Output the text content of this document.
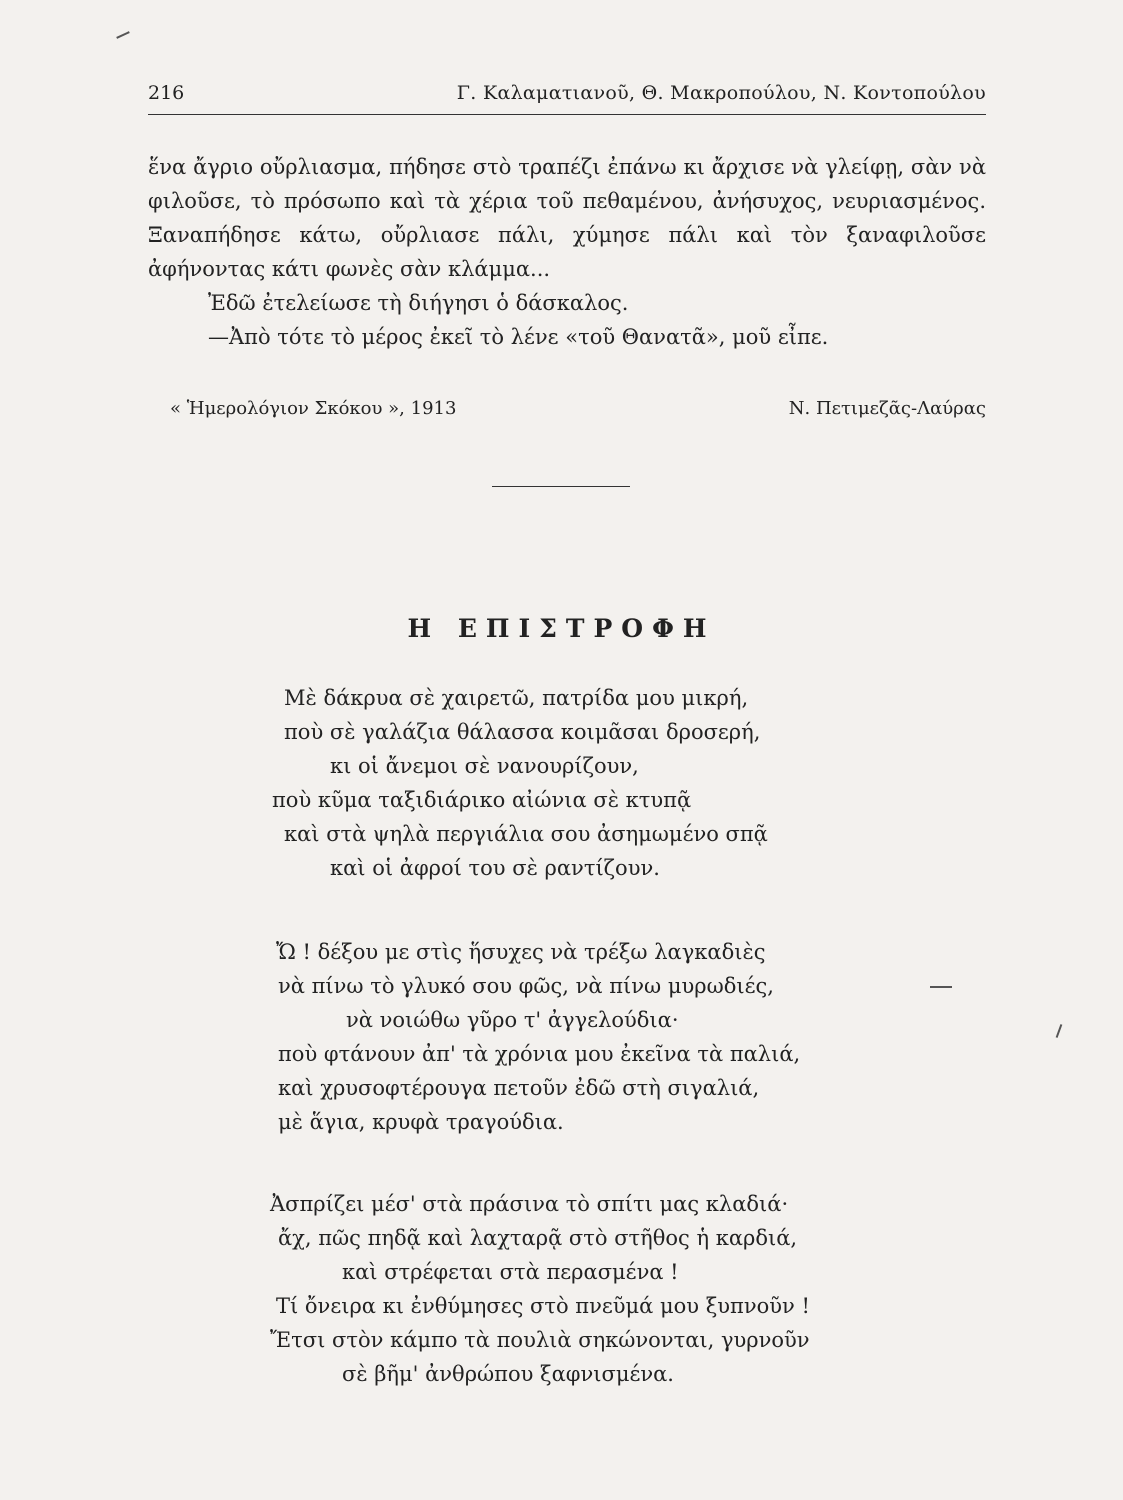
216	Γ. Καλαματιανοῦ, Θ. Μακροπούλου, Ν. Κοντοπούλου

ἕνα ἄγριο οὔρλιασμα, πήδησε στὸ τραπέζι ἐπάνω κι ἄρχισε νὰ γλείφῃ, σὰν νὰ φιλοῦσε, τὸ πρόσωπο καὶ τὰ χέρια τοῦ πεθαμένου, ἀνήσυχος, νευριασμένος. Ξαναπήδησε κάτω, οὔρλιασε πάλι, χύμησε πάλι καὶ τὸν ξαναφιλοῦσε ἀφήνοντας κάτι φωνὲς σὰν κλάμμα...

Ἐδῶ ἐτελείωσε τὴ διήγησι ὁ δάσκαλος.

—Ἀπὸ τότε τὸ μέρος ἐκεῖ τὸ λένε «τοῦ Θανατᾶ», μοῦ εἶπε.

« Ἡμερολόγιον Σκόκου », 1913	Ν. Πετιμεζᾶς-Λαύρας
Η ΕΠΙΣΤΡΟΦΗ
Μὲ δάκρυα σὲ χαιρετῶ, πατρίδα μου μικρή,
ποὺ σὲ γαλάζια θάλασσα κοιμᾶσαι δροσερή,
κι οἱ ἄνεμοι σὲ νανουρίζουν,
ποὺ κῦμα ταξιδιάρικο αἰώνια σὲ κτυπᾷ
καὶ στὰ ψηλὰ περγιάλια σου ἀσημωμένο σπᾷ
καὶ οἱ ἀφροί του σὲ ραντίζουν.
Ὤ ! δέξου με στὶς ἥσυχες νὰ τρέξω λαγκαδιὲς
νὰ πίνω τὸ γλυκό σου φῶς, νὰ πίνω μυρωδιές,
νὰ νοιώθω γῦρο τ' ἀγγελούδια·
ποὺ φτάνουν ἀπ' τὰ χρόνια μου ἐκεῖνα τὰ παλιά,
καὶ χρυσοφτέρουγα πετοῦν ἐδῶ στὴ σιγαλιά,
μὲ ἅγια, κρυφὰ τραγούδια.
Ἀσπρίζει μέσ' στὰ πράσινα τὸ σπίτι μας κλαδιά·
ἄχ, πῶς πηδᾷ καὶ λαχταρᾷ στὸ στῆθος ἡ καρδιά,
καὶ στρέφεται στὰ περασμένα !
Τί ὄνειρα κι ἐνθύμησες στὸ πνεῦμά μου ξυπνοῦν !
Ἔτσι στὸν κάμπο τὰ πουλιὰ σηκώνονται, γυρνοῦν
σὲ βῆμ' ἀνθρώπου ξαφνισμένα.
